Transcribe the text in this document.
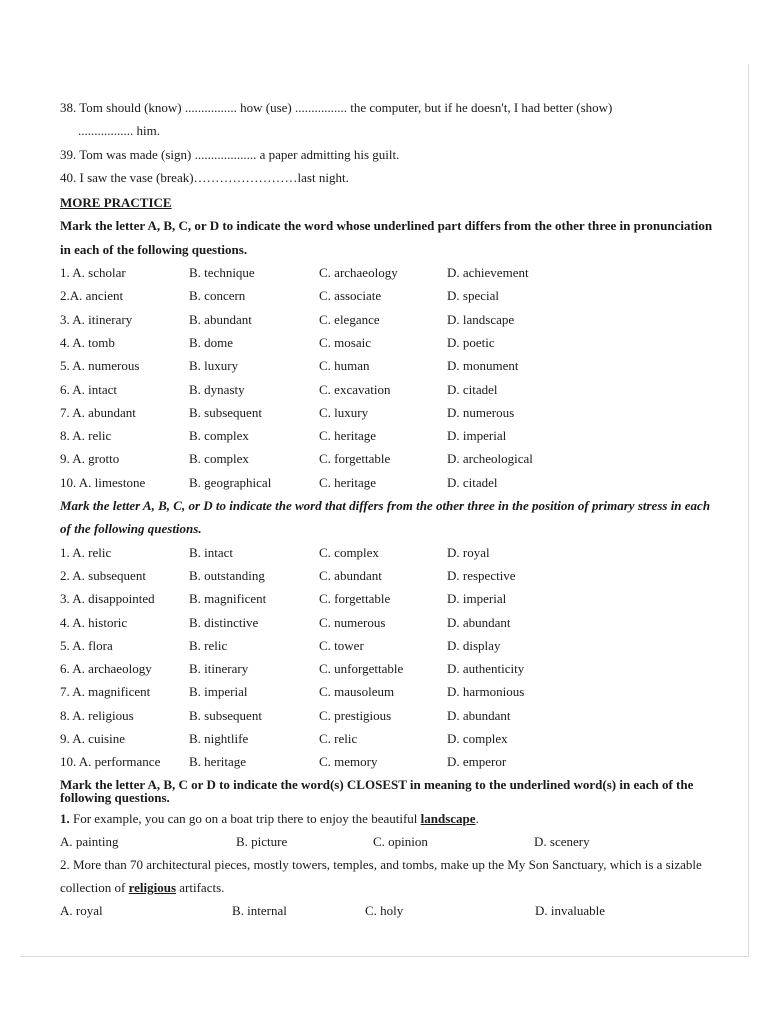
38. Tom should (know) ................ how (use) ................ the computer, but if he doesn't, I had better (show)
................. him.
39. Tom was made (sign) ................... a paper admitting his guilt.
40. I saw the vase (break)……………………last night.
MORE PRACTICE
Mark the letter A, B, C, or D to indicate the word whose underlined part differs from the other three in pronunciation in each of the following questions.
1. A. scholar	B. technique	C. archaeology	D. achievement
2.A. ancient	B. concern	C. associate	D. special
3. A. itinerary	B. abundant	C. elegance	D. landscape
4. A. tomb	B. dome	C. mosaic	D. poetic
5. A. numerous	B. luxury	C. human	D. monument
6. A. intact	B. dynasty	C. excavation	D. citadel
7. A. abundant	B. subsequent	C. luxury	D. numerous
8. A. relic	B. complex	C. heritage	D. imperial
9. A. grotto	B. complex	C. forgettable	D. archeological
10. A. limestone	B. geographical	C. heritage	D. citadel
Mark the letter A, B, C, or D to indicate the word that differs from the other three in the position of primary stress in each of the following questions.
1. A. relic	B. intact	C. complex	D. royal
2. A. subsequent	B. outstanding	C. abundant	D. respective
3. A. disappointed	B. magnificent	C. forgettable	D. imperial
4. A. historic	B. distinctive	C. numerous	D. abundant
5. A. flora	B. relic	C. tower	D. display
6. A. archaeology	B. itinerary	C. unforgettable	D. authenticity
7. A. magnificent	B. imperial	C. mausoleum	D. harmonious
8. A. religious	B. subsequent	C. prestigious	D. abundant
9. A. cuisine	B. nightlife	C. relic	D. complex
10. A. performance	B. heritage	C. memory	D. emperor
Mark the letter A, B, C or D to indicate the word(s) CLOSEST in meaning to the underlined word(s) in each of the following questions.
1. For example, you can go on a boat trip there to enjoy the beautiful landscape.
A. painting	B. picture	C. opinion	D. scenery
2. More than 70 architectural pieces, mostly towers, temples, and tombs, make up the My Son Sanctuary, which is a sizable collection of religious artifacts.
A. royal	B. internal	C. holy	D. invaluable
